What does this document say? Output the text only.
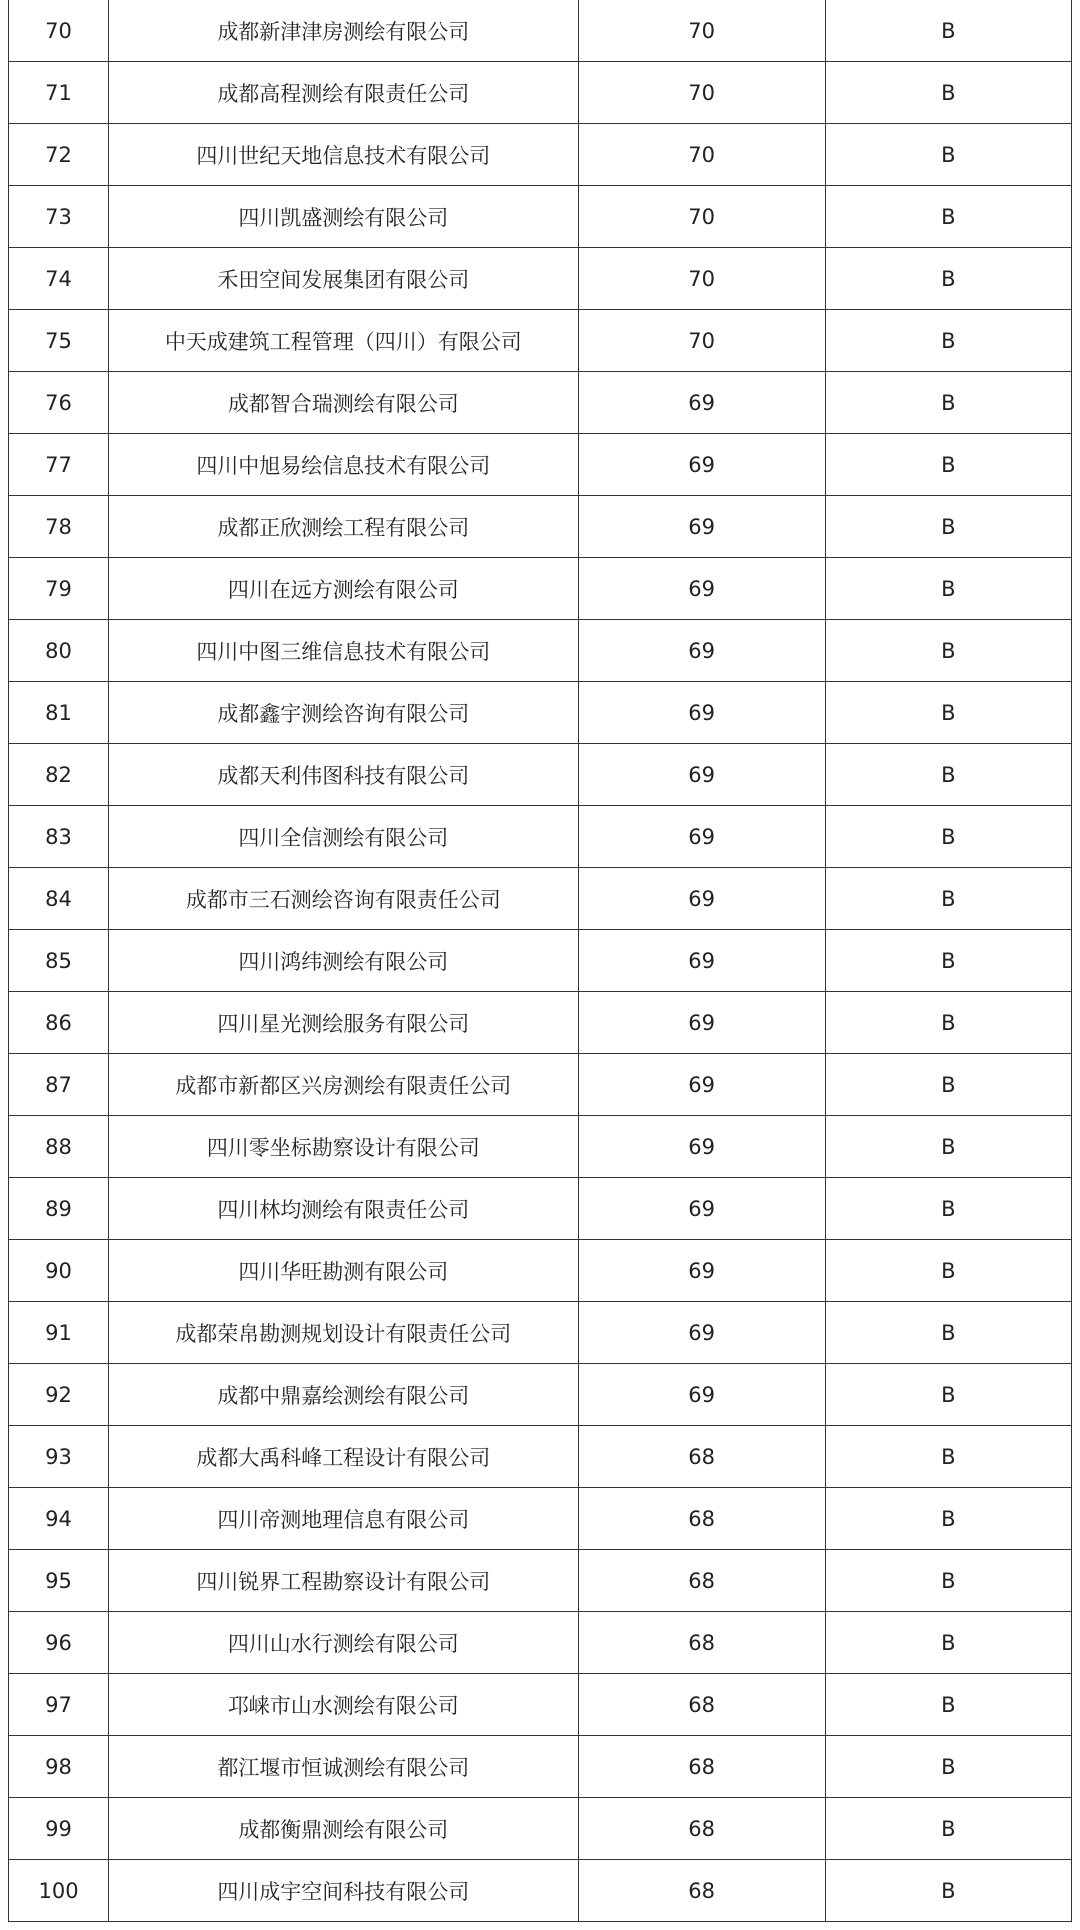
70	成都新津津房测绘有限公司	70	B
71	成都高程测绘有限责任公司	70	B
72	四川世纪天地信息技术有限公司	70	B
73	四川凯盛测绘有限公司	70	B
74	禾田空间发展集团有限公司	70	B
75	中天成建筑工程管理（四川）有限公司	70	B
76	成都智合瑞测绘有限公司	69	B
77	四川中旭易绘信息技术有限公司	69	B
78	成都正欣测绘工程有限公司	69	B
79	四川在远方测绘有限公司	69	B
80	四川中图三维信息技术有限公司	69	B
81	成都鑫宇测绘咨询有限公司	69	B
82	成都天利伟图科技有限公司	69	B
83	四川全信测绘有限公司	69	B
84	成都市三石测绘咨询有限责任公司	69	B
85	四川鸿纬测绘有限公司	69	B
86	四川星光测绘服务有限公司	69	B
87	成都市新都区兴房测绘有限责任公司	69	B
88	四川零坐标勘察设计有限公司	69	B
89	四川林均测绘有限责任公司	69	B
90	四川华旺勘测有限公司	69	B
91	成都荣帛勘测规划设计有限责任公司	69	B
92	成都中鼎嘉绘测绘有限公司	69	B
93	成都大禹科峰工程设计有限公司	68	B
94	四川帝测地理信息有限公司	68	B
95	四川锐界工程勘察设计有限公司	68	B
96	四川山水行测绘有限公司	68	B
97	邛崃市山水测绘有限公司	68	B
98	都江堰市恒诚测绘有限公司	68	B
99	成都衡鼎测绘有限公司	68	B
100	四川成宇空间科技有限公司	68	B
